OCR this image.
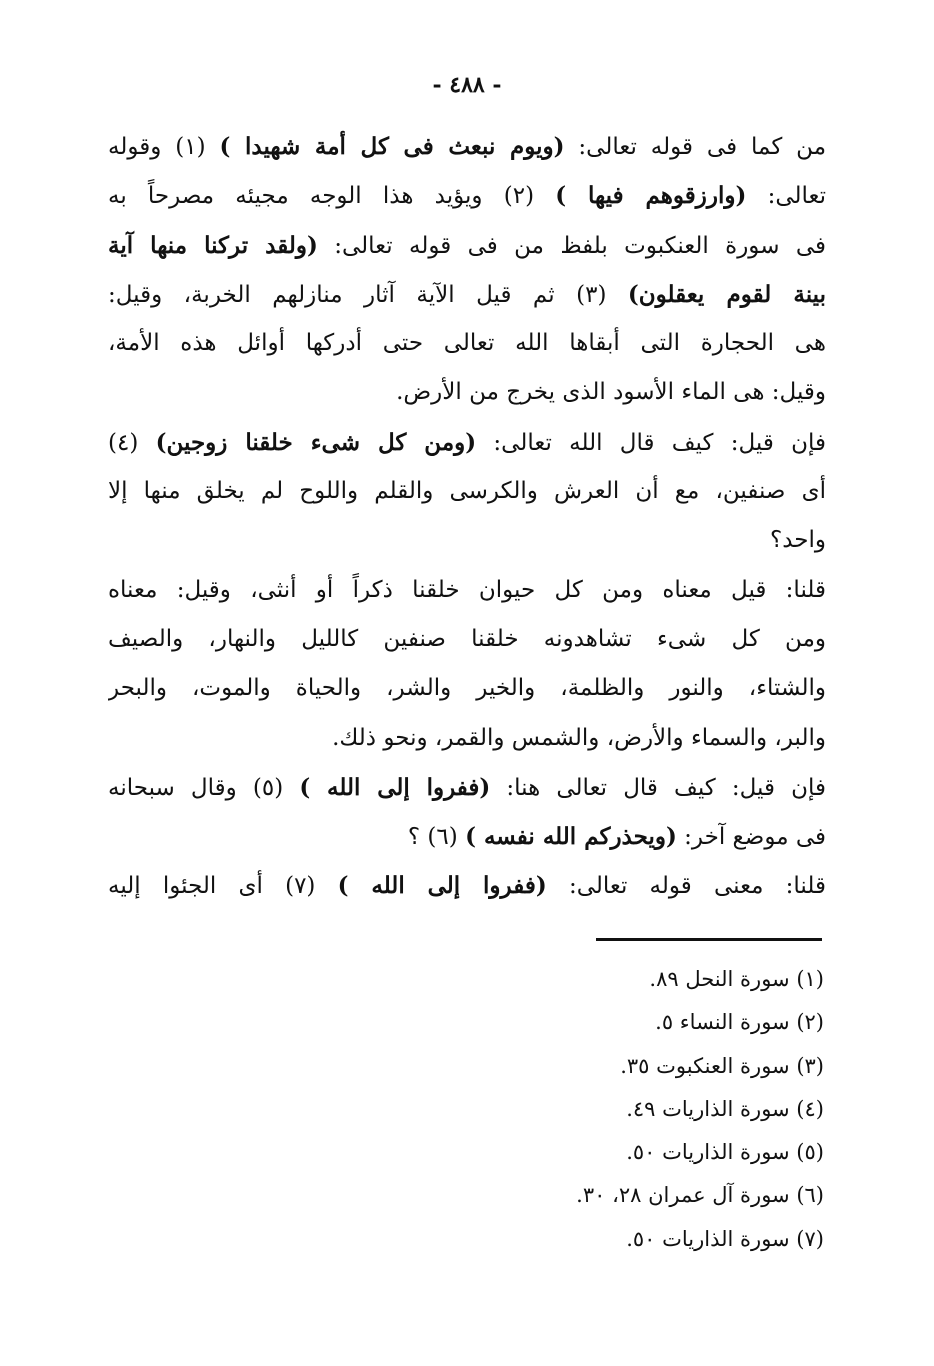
- ٤٨٨ -
من كما فى قوله تعالى: (ويوم نبعث فى كل أمة شهيدا ) (١) وقوله
تعالى: (وارزقوهم فيها ) (٢) ويؤيد هذا الوجه مجيئه مصرحاً به
فى سورة العنكبوت بلفظ من فى قوله تعالى: (ولقد تركنا منها آية
بينة لقوم يعقلون) (٣) ثم قيل الآية آثار منازلهم الخربة، وقيل:
هى الحجارة التى أبقاها الله تعالى حتى أدركها أوائل هذه الأمة،
وقيل: هى الماء الأسود الذى يخرج من الأرض.
فإن قيل: كيف قال الله تعالى: (ومن كل شىء خلقنا زوجين) (٤)
أى صنفين، مع أن العرش والكرسى والقلم واللوح لم يخلق منها إلا
واحد؟
قلنا: قيل معناه ومن كل حيوان خلقنا ذكراً أو أنثى، وقيل: معناه
ومن كل شىء تشاهدونه خلقنا صنفين كالليل والنهار، والصيف
والشتاء، والنور والظلمة، والخير والشر، والحياة والموت، والبحر
والبر، والسماء والأرض، والشمس والقمر، ونحو ذلك.
فإن قيل: كيف قال تعالى هنا: (ففروا إلى الله ) (٥) وقال سبحانه
فى موضع آخر: (ويحذركم الله نفسه ) (٦) ؟
قلنا: معنى قوله تعالى: (ففروا إلى الله ) (٧) أى الجئوا إليه
(١) سورة النحل ٨٩.
(٢) سورة النساء ٥.
(٣) سورة العنكبوت ٣٥.
(٤) سورة الذاريات ٤٩.
(٥) سورة الذاريات ٥٠.
(٦) سورة آل عمران ٢٨، ٣٠.
(٧) سورة الذاريات ٥٠.
